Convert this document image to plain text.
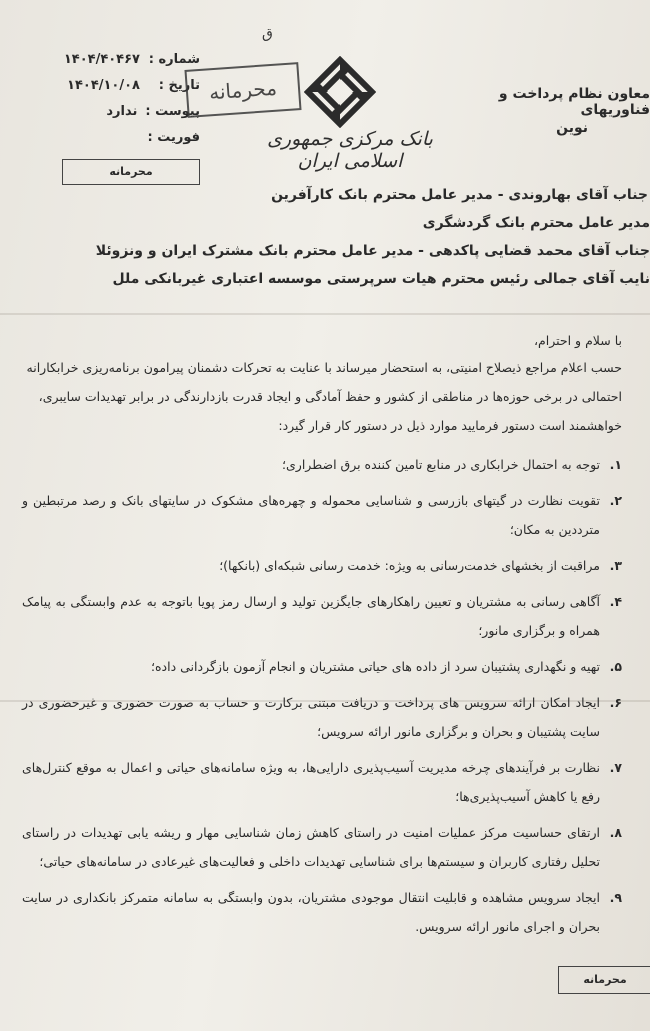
ق
شماره :
۱۴۰۴/۴۰۴۶۷
تاریخ :
۱۴۰۴/۱۰/۰۸
پیوست :
ندارد
فوریت :
محرمانه
محرمانه
بانک مرکزی جمهوری اسلامی ایران
معاون نظام پرداخت و فناوریهای
نوین
جناب آقای بهاروندی - مدیر عامل محترم بانک کارآفرین
مدیر عامل محترم بانک گردشگری
جناب آقای محمد قضایی پاکدهی - مدیر عامل محترم بانک مشترک ایران و ونزوئلا
نایب آقای جمالی رئیس محترم هیات سرپرستی موسسه اعتباری غیربانکی ملل
با سلام و احترام،
حسب اعلام مراجع ذیصلاح امنیتی، به استحضار میرساند با عنایت به تحرکات دشمنان پیرامون برنامه‌ریزی خرابکارانه
احتمالی در برخی حوزه‌ها در مناطقی از کشور و حفظ آمادگی و ایجاد قدرت بازدارندگی در برابر تهدیدات سایبری،
خواهشمند است دستور فرمایید موارد ذیل در دستور کار قرار گیرد:
۱.
توجه به احتمال خرابکاری در منابع تامین کننده برق اضطراری؛
۲.
تقویت نظارت در گیتهای بازرسی و شناسایی محموله و چهره‌های مشکوک در سایتهای بانک و رصد مرتبطین و مترددین به مکان؛
۳.
مراقبت از بخشهای خدمت‌رسانی به ویژه: خدمت رسانی شبکه‌ای (بانکها)؛
۴.
آگاهی رسانی به مشتریان و تعیین راهکارهای جایگزین تولید و ارسال رمز پویا باتوجه به عدم وابستگی به پیامک همراه و برگزاری مانور؛
۵.
تهیه و نگهداری پشتیبان سرد از داده های حیاتی مشتریان و انجام آزمون بازگردانی داده؛
۶.
ایجاد امکان ارائه سرویس های پرداخت و دریافت مبتنی برکارت و حساب به صورت حضوری و غیرحضوری در سایت پشتیبان و بحران و برگزاری مانور ارائه سرویس؛
۷.
نظارت بر فرآیندهای چرخه مدیریت آسیب‌پذیری دارایی‌ها، به ویژه سامانه‌های حیاتی و اعمال به موقع کنترل‌های رفع یا کاهش آسیب‌پذیری‌ها؛
۸.
ارتقای حساسیت مرکز عملیات امنیت در راستای کاهش زمان شناسایی مهار و ریشه یابی تهدیدات در راستای تحلیل رفتاری کاربران و سیستم‌ها برای شناسایی تهدیدات داخلی و فعالیت‌های غیرعادی در سامانه‌های حیاتی؛
۹.
ایجاد سرویس مشاهده و قابلیت انتقال موجودی مشتریان، بدون وابستگی به سامانه متمرکز بانکداری در سایت بحران و اجرای مانور ارائه سرویس.
محرمانه
